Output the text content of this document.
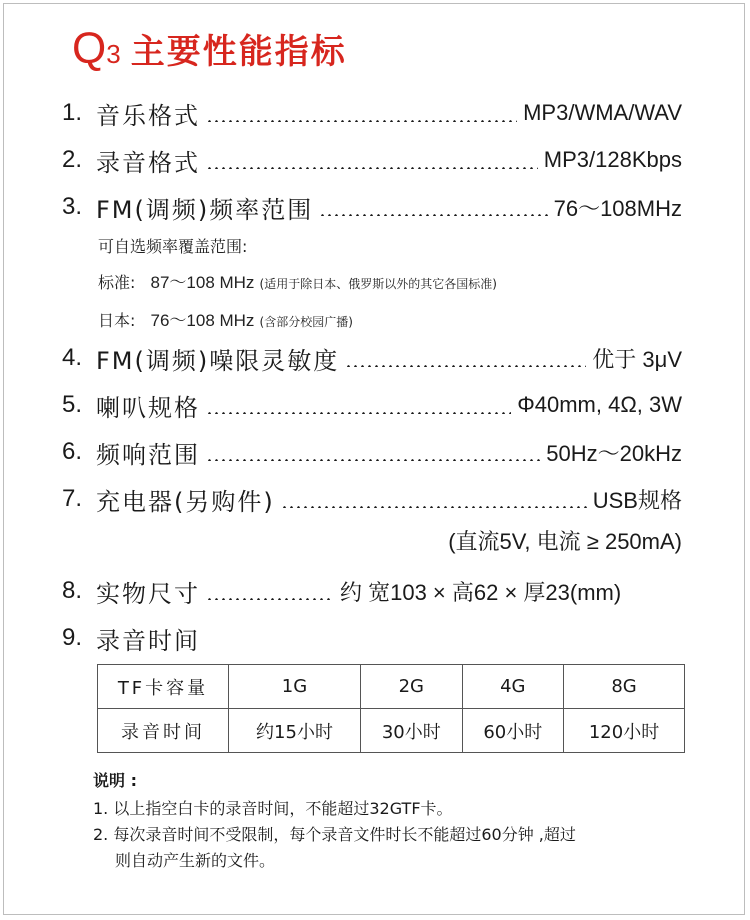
Q 3 主要性能指标
1. 音乐格式	MP3/WMA/WAV
2. 录音格式	MP3/128Kbps
3. FM(调频)频率范围	76～108MHz
可自选频率覆盖范围:
标准: 87～108 MHz (适用于除日本、俄罗斯以外的其它各国标准)
日本: 76～108 MHz (含部分校园广播)
4. FM(调频)噪限灵敏度	优于 3μV
5. 喇叭规格	Φ40mm, 4Ω, 3W
6. 频响范围	50Hz～20kHz
7. 充电器(另购件)	USB规格
(直流5V, 电流 ≥ 250mA)
8. 实物尺寸	约 宽103 × 高62 × 厚23(mm)
9. 录音时间
TF卡容量	1G	2G	4G	8G
录音时间	约15小时	30小时	60小时	120小时
说明 :
1. 以上指空白卡的录音时间，不能超过32GTF卡。
2. 每次录音时间不受限制，每个录音文件时长不能超过60分钟 ,超过
则自动产生新的文件。
